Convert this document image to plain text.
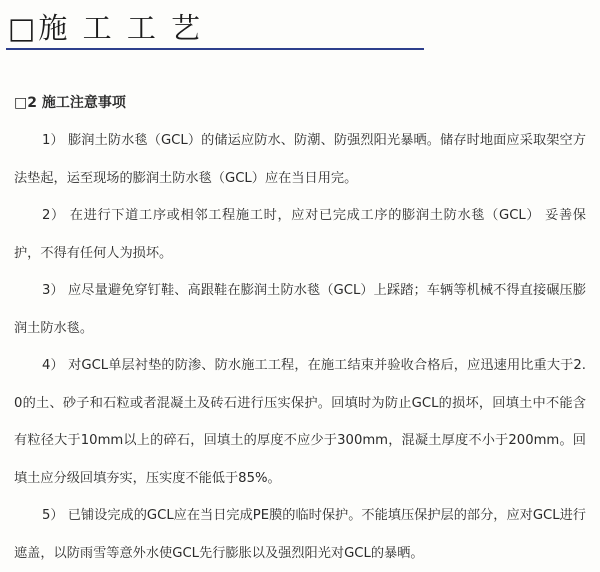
□施 工 工 艺
□2 施工注意事项

1） 膨润土防水毯（GCL）的储运应防水、防潮、防强烈阳光暴晒。储存时地面应采取架空方法垫起，运至现场的膨润土防水毯（GCL）应在当日用完。

2） 在进行下道工序或相邻工程施工时，应对已完成工序的膨润土防水毯（GCL） 妥善保护，不得有任何人为损坏。

3） 应尽量避免穿钉鞋、高跟鞋在膨润土防水毯（GCL）上踩踏；车辆等机械不得直接碾压膨润土防水毯。

4） 对GCL单层衬垫的防渗、防水施工工程，在施工结束并验收合格后，应迅速用比重大于2.0的土、砂子和石粒或者混凝土及砖石进行压实保护。回填时为防止GCL的损坏，回填土中不能含有粒径大于10mm以上的碎石，回填土的厚度不应少于300mm，混凝土厚度不小于200mm。回填土应分级回填夯实，压实度不能低于85%。

5） 已铺设完成的GCL应在当日完成PE膜的临时保护。不能填压保护层的部分，应对GCL进行遮盖，以防雨雪等意外水使GCL先行膨胀以及强烈阳光对GCL的暴晒。
